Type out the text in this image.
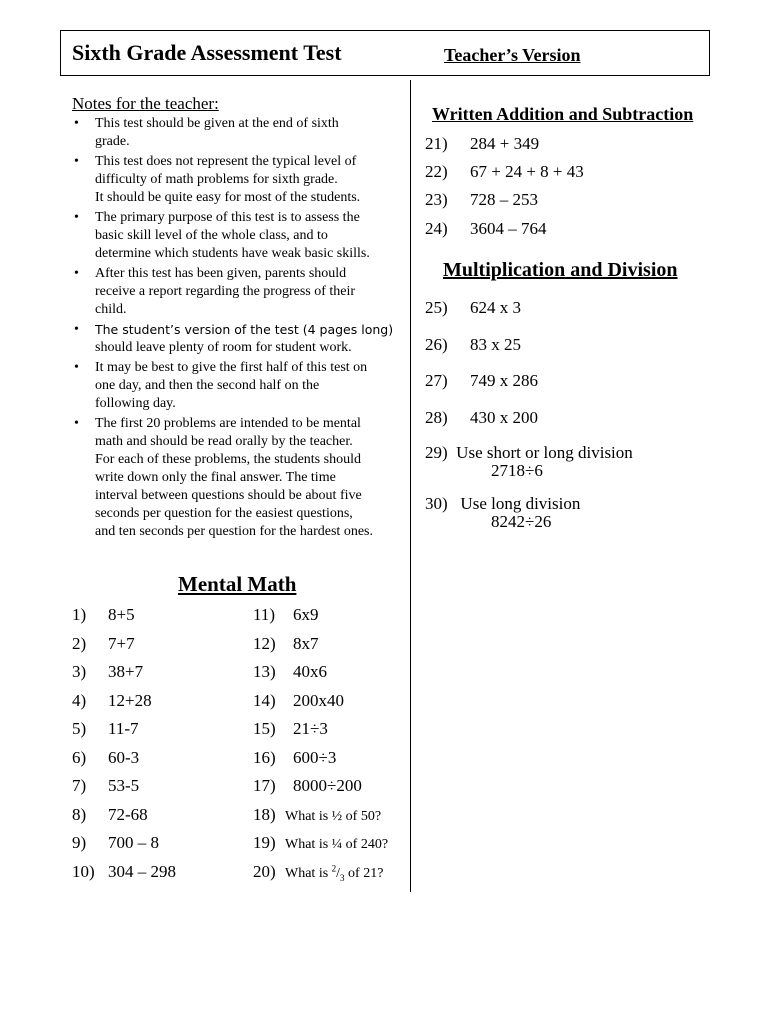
Sixth Grade Assessment Test	Teacher’s Version
Notes for the teacher:
• This test should be given at the end of sixth
grade.
• This test does not represent the typical level of
difficulty of math problems for sixth grade.
It should be quite easy for most of the students.
• The primary purpose of this test is to assess the
basic skill level of the whole class, and to
determine which students have weak basic skills.
• After this test has been given, parents should
receive a report regarding the progress of their
child.
• The student’s version of the test (4 pages long)
should leave plenty of room for student work.
• It may be best to give the first half of this test on
one day, and then the second half on the
following day.
• The first 20 problems are intended to be mental
math and should be read orally by the teacher.
For each of these problems, the students should
write down only the final answer. The time
interval between questions should be about five
seconds per question for the easiest questions,
and ten seconds per question for the hardest ones.
Mental Math
1) 8+5
2) 7+7
3) 38+7
4) 12+28
5) 11-7
6) 60-3
7) 53-5
8) 72-68
9) 700 – 8
10) 304 – 298
11) 6x9
12) 8x7
13) 40x6
14) 200x40
15) 21÷3
16) 600÷3
17) 8000÷200
18) What is ½ of 50?
19) What is ¼ of 240?
20) What is $^2/_3$ of 21?
Written Addition and Subtraction
21) 284 + 349
22) 67 + 24 + 8 + 43
23) 728 – 253
24) 3604 – 764
Multiplication and Division
25) 624 x 3
26) 83 x 25
27) 749 x 286
28) 430 x 200
29) Use short or long division
2718÷6
30) Use long division
8242÷26
